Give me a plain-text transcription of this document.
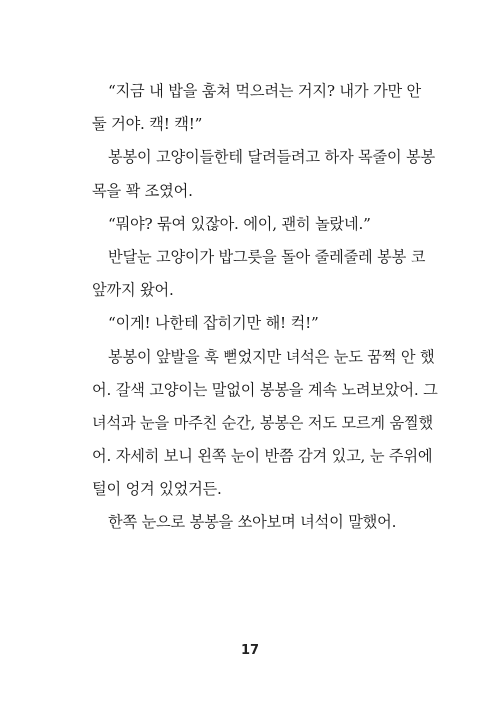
“지금 내 밥을 훔쳐 먹으려는 거지? 내가 가만 안
둘 거야. 캑! 캑!”
봉봉이 고양이들한테 달려들려고 하자 목줄이 봉봉
목을 꽉 조였어.
“뭐야? 묶여 있잖아. 에이, 괜히 놀랐네.”
반달눈 고양이가 밥그릇을 돌아 줄레줄레 봉봉 코
앞까지 왔어.
“이게! 나한테 잡히기만 해! 컥!”
봉봉이 앞발을 훅 뻗었지만 녀석은 눈도 꿈쩍 안 했
어. 갈색 고양이는 말없이 봉봉을 계속 노려보았어. 그
녀석과 눈을 마주친 순간, 봉봉은 저도 모르게 움찔했
어. 자세히 보니 왼쪽 눈이 반쯤 감겨 있고, 눈 주위에
털이 엉겨 있었거든.
한쪽 눈으로 봉봉을 쏘아보며 녀석이 말했어.
17
